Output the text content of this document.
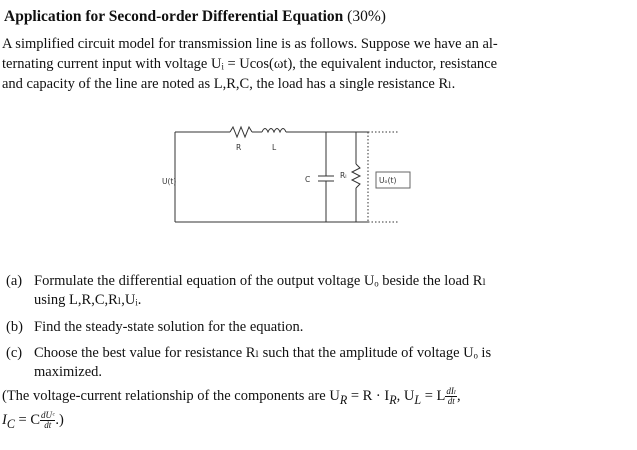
Application for Second-order Differential Equation (30%)
A simplified circuit model for transmission line is as follows. Suppose we have an al-
ternating current input with voltage Uᵢ = Ucos(ωt), the equivalent inductor, resistance
and capacity of the line are noted as L,R,C, the load has a single resistance Rₗ.
R	L
U(t)	C	Rₗ
Uₒ(t)
(a) Formulate the differential equation of the output voltage Uₒ beside the load Rₗ
using L,R,C,Rₗ,Uᵢ.
(b) Find the steady-state solution for the equation.
(c) Choose the best value for resistance Rₗ such that the amplitude of voltage Uₒ is
maximized.
(The voltage-current relationship of the components are $U_R = R \cdot I_R$, $U_L = L \frac{\text{dIₗ}}{dt}$ ,
$I_C = C \frac{\text{dUᶜ}}{dt}$ .)
